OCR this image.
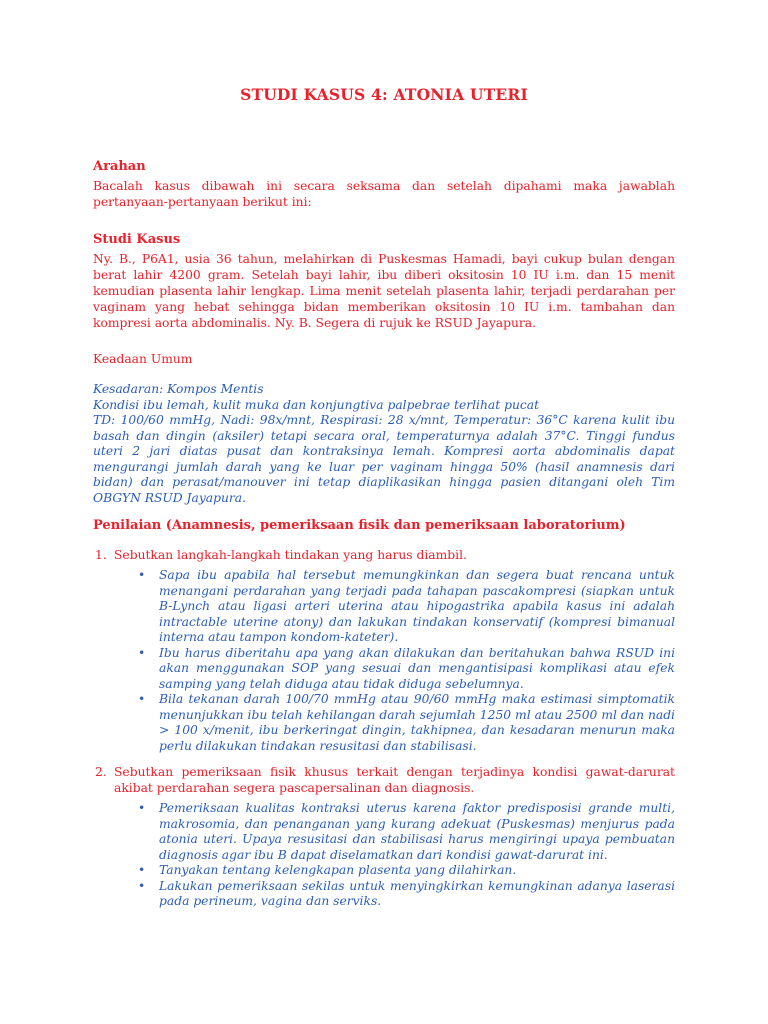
STUDI KASUS 4: ATONIA UTERI
Arahan

Bacalah kasus dibawah ini secara seksama dan setelah dipahami maka jawablah pertanyaan-pertanyaan berikut ini:

Studi Kasus

Ny. B., P6A1, usia 36 tahun, melahirkan di Puskesmas Hamadi, bayi cukup bulan dengan berat lahir 4200 gram. Setelah bayi lahir, ibu diberi oksitosin 10 IU i.m. dan 15 menit kemudian plasenta lahir lengkap. Lima menit setelah plasenta lahir, terjadi perdarahan per vaginam yang hebat sehingga bidan memberikan oksitosin 10 IU i.m. tambahan dan kompresi aorta abdominalis. Ny. B. Segera di rujuk ke RSUD Jayapura.

Keadaan Umum

Kesadaran: Kompos Mentis

Kondisi ibu lemah, kulit muka dan konjungtiva palpebrae terlihat pucat

TD: 100/60 mmHg, Nadi: 98x/mnt, Respirasi: 28 x/mnt, Temperatur: 36°C karena kulit ibu basah dan dingin (aksiler) tetapi secara oral, temperaturnya adalah 37°C. Tinggi fundus uteri 2 jari diatas pusat dan kontraksinya lemah. Kompresi aorta abdominalis dapat mengurangi jumlah darah yang ke luar per vaginam hingga 50% (hasil anamnesis dari bidan) dan perasat/manouver ini tetap diaplikasikan hingga pasien ditangani oleh Tim OBGYN RSUD Jayapura.

Penilaian (Anamnesis, pemeriksaan fisik dan pemeriksaan laboratorium)
1. Sebutkan langkah-langkah tindakan yang harus diambil.
• Sapa ibu apabila hal tersebut memungkinkan dan segera buat rencana untuk menangani perdarahan yang terjadi pada tahapan pascakompresi (siapkan untuk B-Lynch atau ligasi arteri uterina atau hipogastrika apabila kasus ini adalah intractable uterine atony) dan lakukan tindakan konservatif (kompresi bimanual interna atau tampon kondom-kateter).
• Ibu harus diberitahu apa yang akan dilakukan dan beritahukan bahwa RSUD ini akan menggunakan SOP yang sesuai dan mengantisipasi komplikasi atau efek samping yang telah diduga atau tidak diduga sebelumnya.
• Bila tekanan darah 100/70 mmHg atau 90/60 mmHg maka estimasi simptomatik menunjukkan ibu telah kehilangan darah sejumlah 1250 ml atau 2500 ml dan nadi > 100 x/menit, ibu berkeringat dingin, takhipnea, dan kesadaran menurun maka perlu dilakukan tindakan resusitasi dan stabilisasi.
2. Sebutkan pemeriksaan fisik khusus terkait dengan terjadinya kondisi gawat-darurat akibat perdarahan segera pascapersalinan dan diagnosis.
• Pemeriksaan kualitas kontraksi uterus karena faktor predisposisi grande multi, makrosomia, dan penanganan yang kurang adekuat (Puskesmas) menjurus pada atonia uteri. Upaya resusitasi dan stabilisasi harus mengiringi upaya pembuatan diagnosis agar ibu B dapat diselamatkan dari kondisi gawat-darurat ini.
• Tanyakan tentang kelengkapan plasenta yang dilahirkan.
• Lakukan pemeriksaan sekilas untuk menyingkirkan kemungkinan adanya laserasi pada perineum, vagina dan serviks.
